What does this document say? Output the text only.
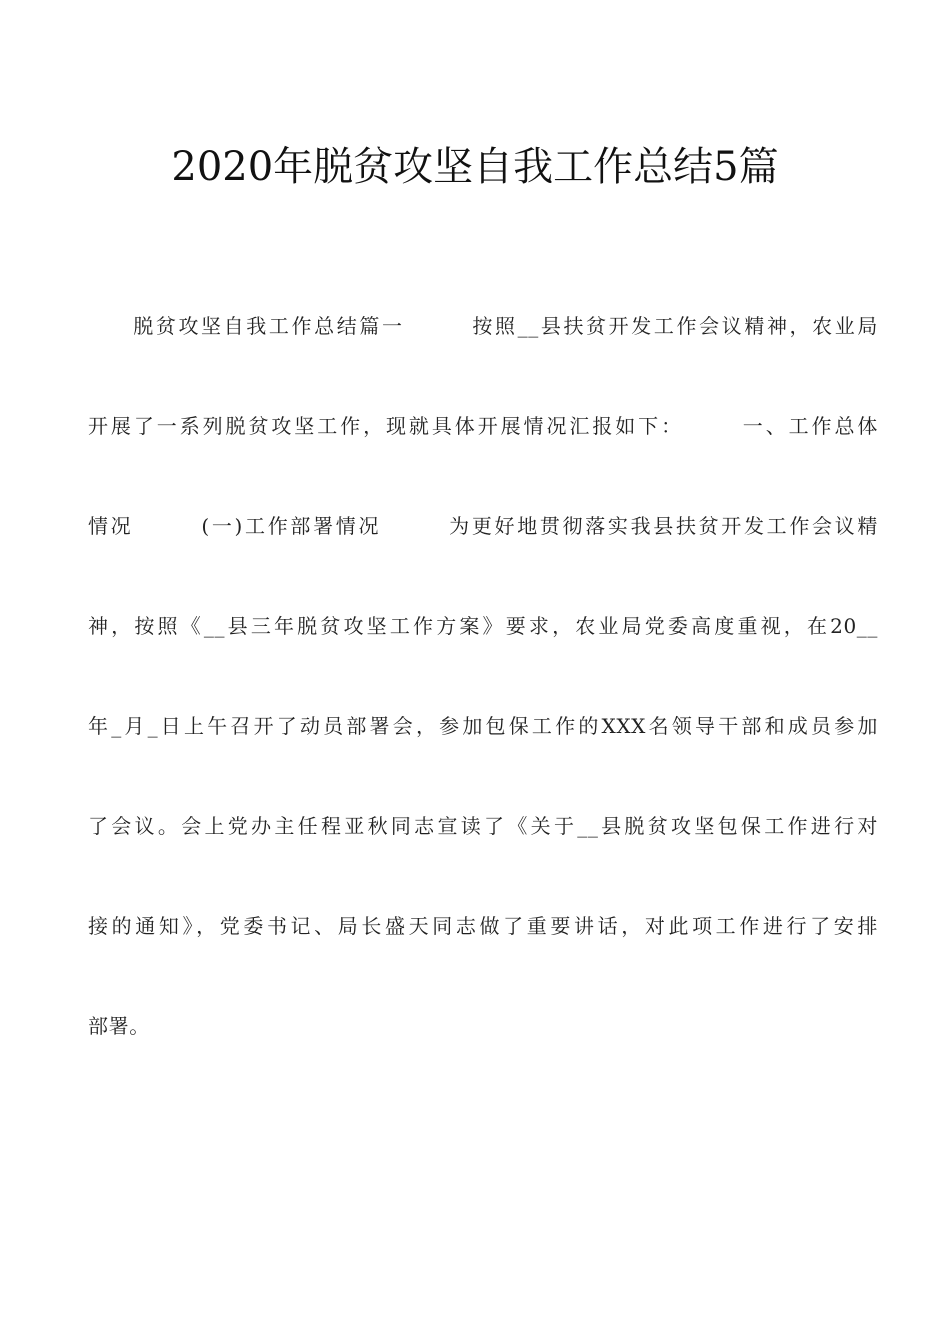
2020年脱贫攻坚自我工作总结5篇
　　脱贫攻坚自我工作总结篇一　　　按照__县扶贫开发工作会议精神，农业局
开展了一系列脱贫攻坚工作，现就具体开展情况汇报如下：　　　一、工作总体
情况　　　(一)工作部署情况　　　为更好地贯彻落实我县扶贫开发工作会议精
神，按照《__县三年脱贫攻坚工作方案》要求，农业局党委高度重视，在20__
年_月_日上午召开了动员部署会，参加包保工作的XXX名领导干部和成员参加
了会议。会上党办主任程亚秋同志宣读了《关于__县脱贫攻坚包保工作进行对
接的通知》，党委书记、局长盛天同志做了重要讲话，对此项工作进行了安排
部署。
